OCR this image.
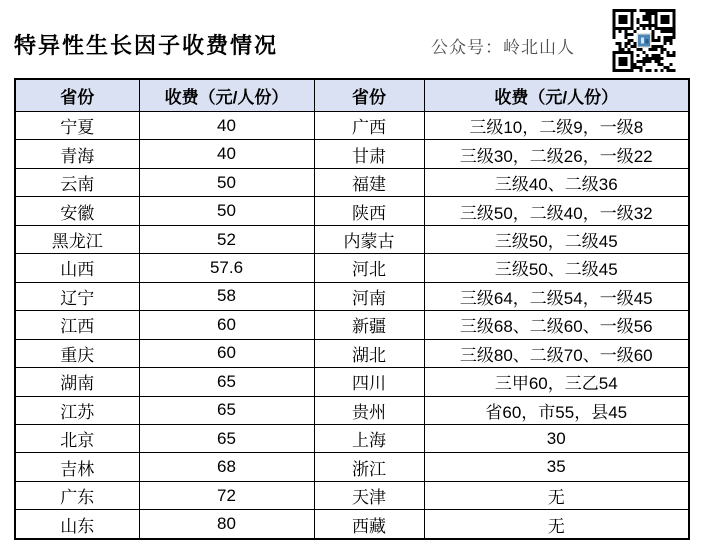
特异性生长因子收费情况	公众号：岭北山人
省份	收费（元/人份）	省份	收费（元/人份）
宁夏	40	广西	三级10，二级9，一级8
青海	40	甘肃	三级30，二级26，一级22
云南	50	福建	三级40、二级36
安徽	50	陕西	三级50，二级40，一级32
黑龙江	52	内蒙古	三级50，二级45
山西	57.6	河北	三级50、二级45
辽宁	58	河南	三级64，二级54，一级45
江西	60	新疆	三级68、二级60、一级56
重庆	60	湖北	三级80、二级70、一级60
湖南	65	四川	三甲60，三乙54
江苏	65	贵州	省60，市55，县45
北京	65	上海	30
吉林	68	浙江	35
广东	72	天津	无
山东	80	西藏	无
